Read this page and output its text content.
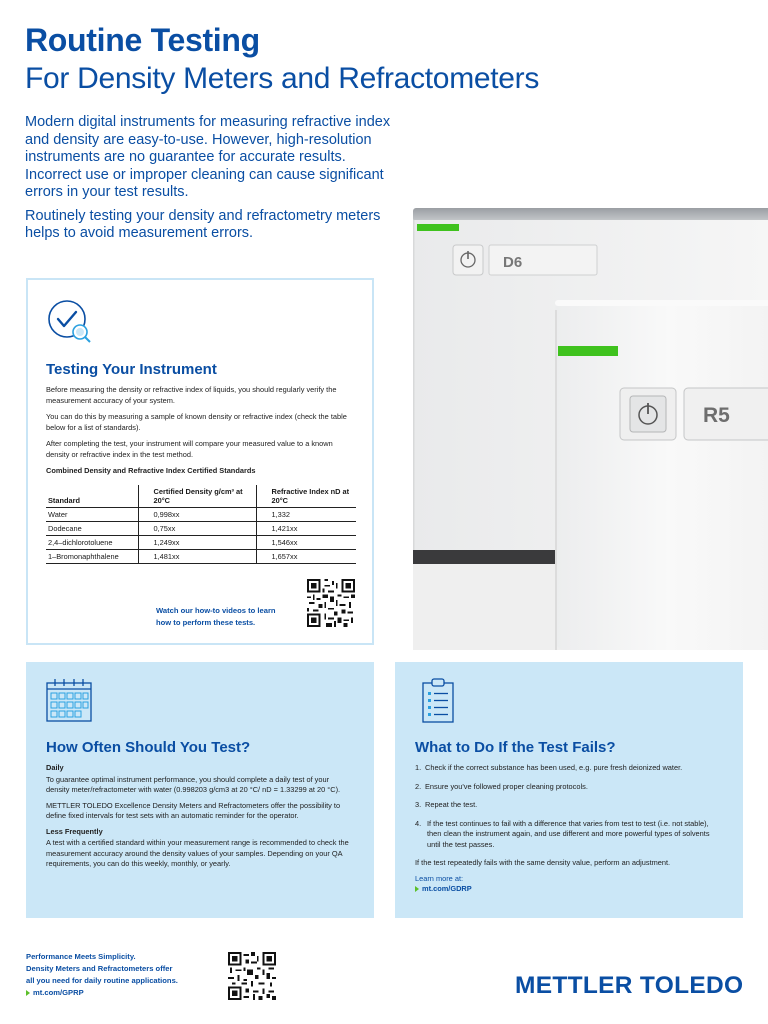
Routine Testing
For Density Meters and Refractometers

Modern digital instruments for measuring refractive index and density are easy-to-use. However, high-resolution instruments are no guarantee for accurate results. Incorrect use or improper cleaning can cause significant errors in your test results.

Routinely testing your density and refractometry meters helps to avoid measurement errors.

D6
R5
Testing Your Instrument

Before measuring the density or refractive index of liquids, you should regularly verify the measurement accuracy of your system.

You can do this by measuring a sample of known density or refractive index (check the table below for a list of standards).

After completing the test, your instrument will compare your measured value to a known density or refractive index in the test method.

Combined Density and Refractive Index Certified Standards

Standard	Certified Density g/cm³ at 20°C	Refractive Index nD at 20°C
Water	0,998xx	1,332
Dodecane	0,75xx	1,421xx
2,4–dichlorotoluene	1,249xx	1,546xx
1–Bromonaphthalene	1,481xx	1,657xx
Watch our how-to videos to learn
how to perform these tests.
How Often Should You Test?

Daily

To guarantee optimal instrument performance, you should complete a daily test of your density meter/refractometer with water (0.998203 g/cm3 at 20 °C/ nD = 1.33299 at 20 °C).

METTLER TOLEDO Excellence Density Meters and Refractometers offer the possibility to define fixed intervals for test sets with an automatic reminder for the operator.

Less Frequently

A test with a certified standard within your measurement range is recommended to check the measurement accuracy around the density values of your samples. Depending on your QA requirements, you can do this weekly, monthly, or yearly.

What to Do If the Test Fails?
1. Check if the correct substance has been used, e.g. pure fresh deionized water.
2. Ensure you've followed proper cleaning protocols.
3. Repeat the test.
4. If the test continues to fail with a difference that varies from test to test (i.e. not stable), then clean the instrument again, and use different and more powerful types of solvents until the test passes.

If the test repeatedly fails with the same density value, perform an adjustment.

Learn more at:

mt.com/GDRP

Performance Meets Simplicity.
Density Meters and Refractometers offer
all you need for daily routine applications.
mt.com/GPRP	METTLER TOLEDO
